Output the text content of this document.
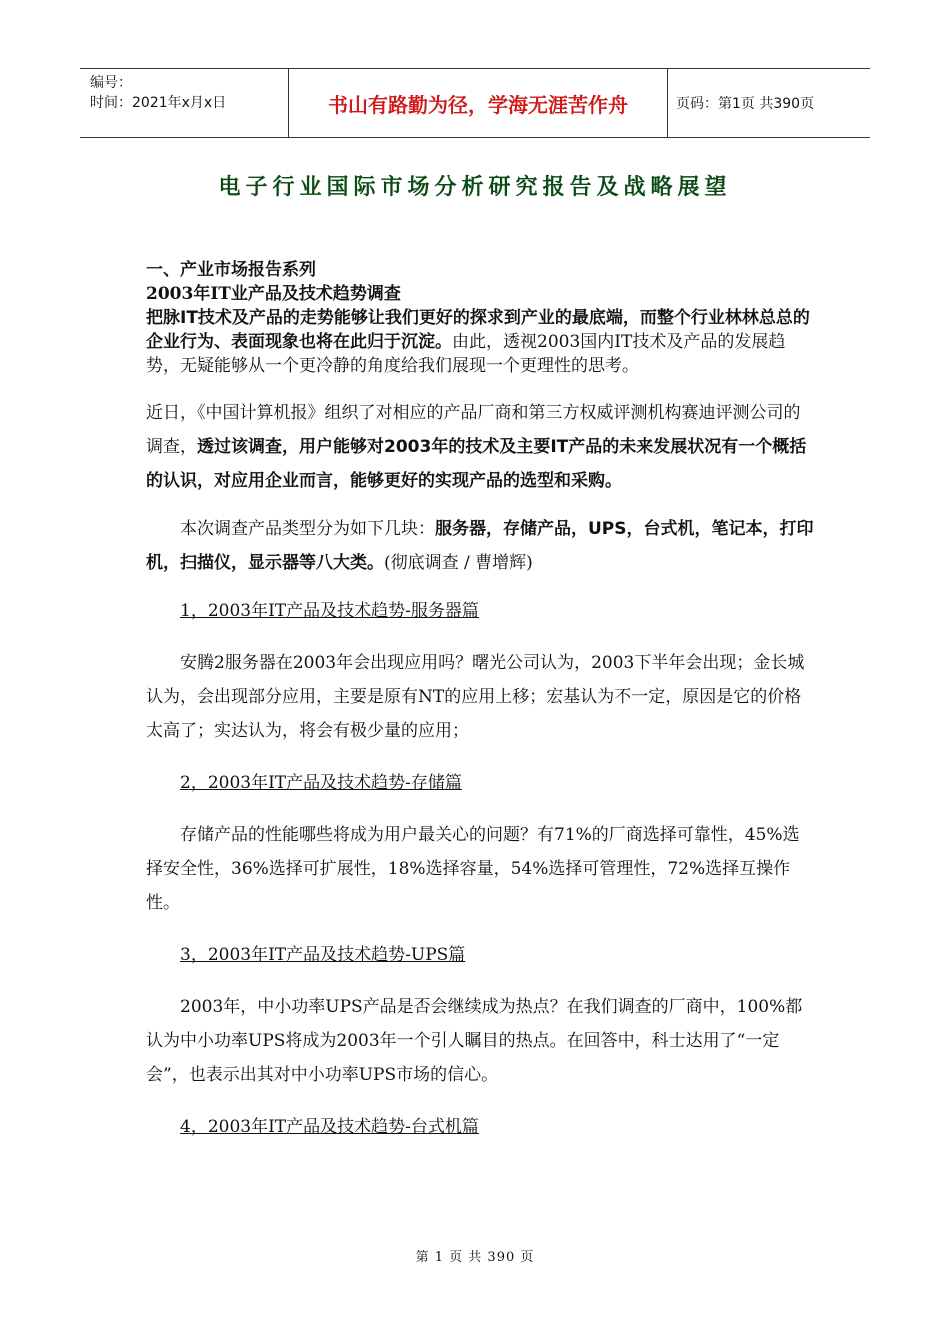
编号：
时间：2021年x月x日	书山有路勤为径，学海无涯苦作舟	页码：第1页 共390页
电子行业国际市场分析研究报告及战略展望

一、产业市场报告系列

2003年IT业产品及技术趋势调查

把脉IT技术及产品的走势能够让我们更好的探求到产业的最底端，而整个行业林林总总的企业行为、表面现象也将在此归于沉淀。由此，透视2003国内IT技术及产品的发展趋势，无疑能够从一个更冷静的角度给我们展现一个更理性的思考。

近日，《中国计算机报》组织了对相应的产品厂商和第三方权威评测机构赛迪评测公司的调查，透过该调查，用户能够对2003年的技术及主要IT产品的未来发展状况有一个概括的认识，对应用企业而言，能够更好的实现产品的选型和采购。

本次调查产品类型分为如下几块：服务器，存储产品，UPS，台式机，笔记本，打印机，扫描仪，显示器等八大类。(彻底调查 / 曹增辉)

1，2003年IT产品及技术趋势-服务器篇

安腾2服务器在2003年会出现应用吗？曙光公司认为，2003下半年会出现；金长城认为，会出现部分应用，主要是原有NT的应用上移；宏基认为不一定，原因是它的价格太高了；实达认为，将会有极少量的应用；

2，2003年IT产品及技术趋势-存储篇

存储产品的性能哪些将成为用户最关心的问题？有71%的厂商选择可靠性，45%选择安全性，36%选择可扩展性，18%选择容量，54%选择可管理性，72%选择互操作性。

3，2003年IT产品及技术趋势-UPS篇

2003年，中小功率UPS产品是否会继续成为热点？在我们调查的厂商中，100%都认为中小功率UPS将成为2003年一个引人瞩目的热点。在回答中，科士达用了“一定会”，也表示出其对中小功率UPS市场的信心。

4，2003年IT产品及技术趋势-台式机篇

第 1 页 共 390 页
